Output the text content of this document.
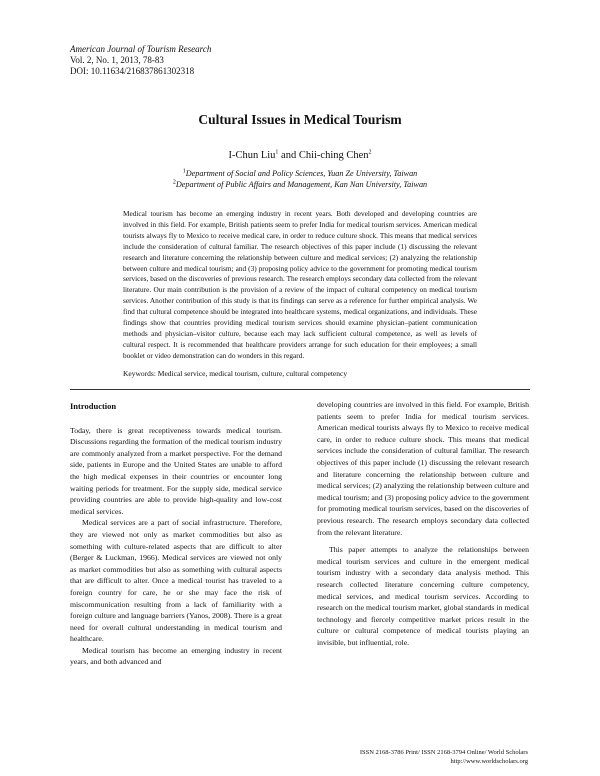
American Journal of Tourism Research
Vol. 2, No. 1, 2013, 78-83
DOI: 10.11634/216837861302318
Cultural Issues in Medical Tourism
I-Chun Liu$^1$ and Chii-ching Chen$^2$
$^1$Department of Social and Policy Sciences, Yuan Ze University, Taiwan
$^2$Department of Public Affairs and Management, Kan Nan University, Taiwan

Medical tourism has become an emerging industry in recent years. Both developed and developing countries are involved in this field. For example, British patients seem to prefer India for medical tourism services. American medical tourists always fly to Mexico to receive medical care, in order to reduce culture shock. This means that medical services include the consideration of cultural familiar. The research objectives of this paper include (1) discussing the relevant research and literature concerning the relationship between culture and medical services; (2) analyzing the relationship between culture and medical tourism; and (3) proposing policy advice to the government for promoting medical tourism services, based on the discoveries of previous research. The research employs secondary data collected from the relevant literature. Our main contribution is the provision of a review of the impact of cultural competency on medical tourism services. Another contribution of this study is that its findings can serve as a reference for further empirical analysis. We find that cultural competence should be integrated into healthcare systems, medical organizations, and individuals. These findings show that countries providing medical tourism services should examine physician–patient communication methods and physician–visitor culture, because each may lack sufficient cultural competence, as well as levels of cultural respect. It is recommended that healthcare providers arrange for such education for their employees; a small booklet or video demonstration can do wonders in this regard.

Keywords: Medical service, medical tourism, culture, cultural competency
Introduction

Today, there is great receptiveness towards medical tourism. Discussions regarding the formation of the medical tourism industry are commonly analyzed from a market perspective. For the demand side, patients in Europe and the United States are unable to afford the high medical expenses in their countries or encounter long waiting periods for treatment. For the supply side, medical service providing countries are able to provide high-quality and low-cost medical services.

Medical services are a part of social infrastructure. Therefore, they are viewed not only as market commodities but also as something with culture-related aspects that are difficult to alter (Berger & Luckman, 1966). Medical services are viewed not only as market commodities but also as something with cultural aspects that are difficult to alter. Once a medical tourist has traveled to a foreign country for care, he or she may face the risk of miscommunication resulting from a lack of familiarity with a foreign culture and language barriers (Yanos, 2008). There is a great need for overall cultural understanding in medical tourism and healthcare.

Medical tourism has become an emerging industry in recent years, and both advanced and

developing countries are involved in this field. For example, British patients seem to prefer India for medical tourism services. American medical tourists always fly to Mexico to receive medical care, in order to reduce culture shock. This means that medical services include the consideration of cultural familiar. The research objectives of this paper include (1) discussing the relevant research and literature concerning the relationship between culture and medical services; (2) analyzing the relationship between culture and medical tourism; and (3) proposing policy advice to the government for promoting medical tourism services, based on the discoveries of previous research. The research employs secondary data collected from the relevant literature.

This paper attempts to analyze the relationships between medical tourism services and culture in the emergent medical tourism industry with a secondary data analysis method. This research collected literature concerning culture competency, medical services, and medical tourism services. According to research on the medical tourism market, global standards in medical technology and fiercely competitive market prices result in the culture or cultural competence of medical tourists playing an invisible, but influential, role.

ISSN 2168-3786 Print/ ISSN 2168-3794 Online/ World Scholars
http://www.worldscholars.org
